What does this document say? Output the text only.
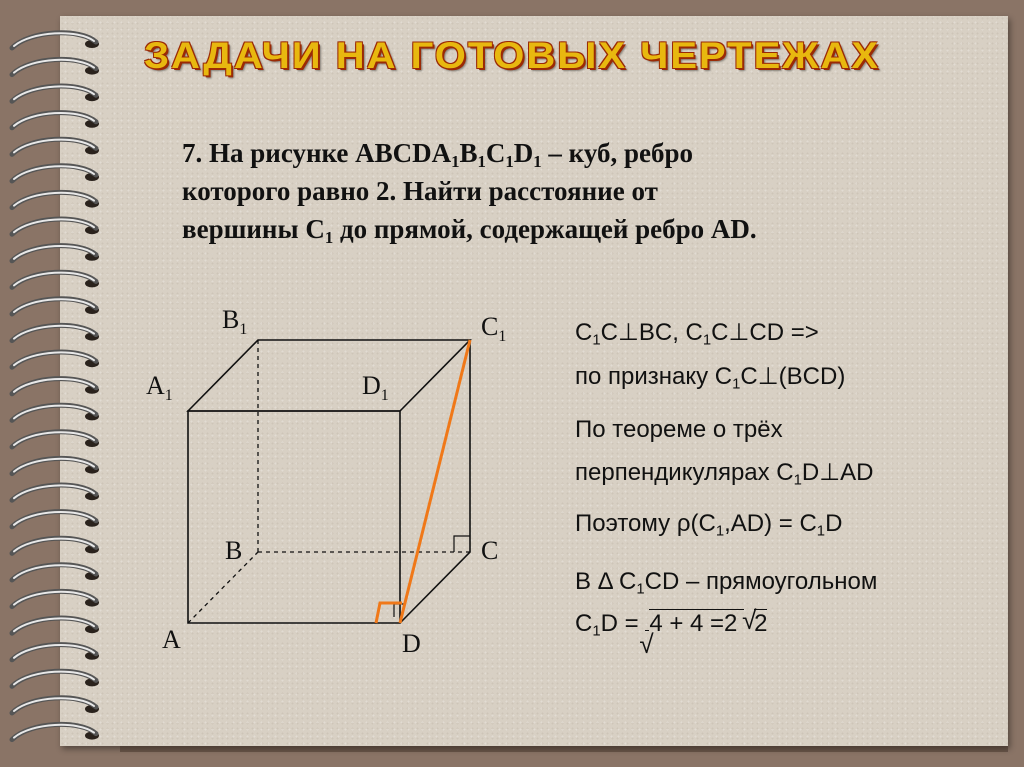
ЗАДАЧИ НА ГОТОВЫХ ЧЕРТЕЖАХ
7. На рисунке $ABCDA_1B_1C_1D_1$ – куб, ребро
которого равно 2. Найти расстояние от
вершины $C_1$ до прямой, содержащей ребро AD.
$B_1$	$C_1$
$A_1$	$D_1$
B	C
A	D
$C_1C\perp BC$, $C_1C\perp CD$ =>
по признаку $C_1C\perp(BCD)$
По теореме о трёх
перпендикулярах $C_1D\perp AD$
Поэтому $\rho(C_1,AD) = C_1D$
В Δ $C_1CD$ – прямоугольном
$C_1D$ =
√
4 + 4 =2
√
2
